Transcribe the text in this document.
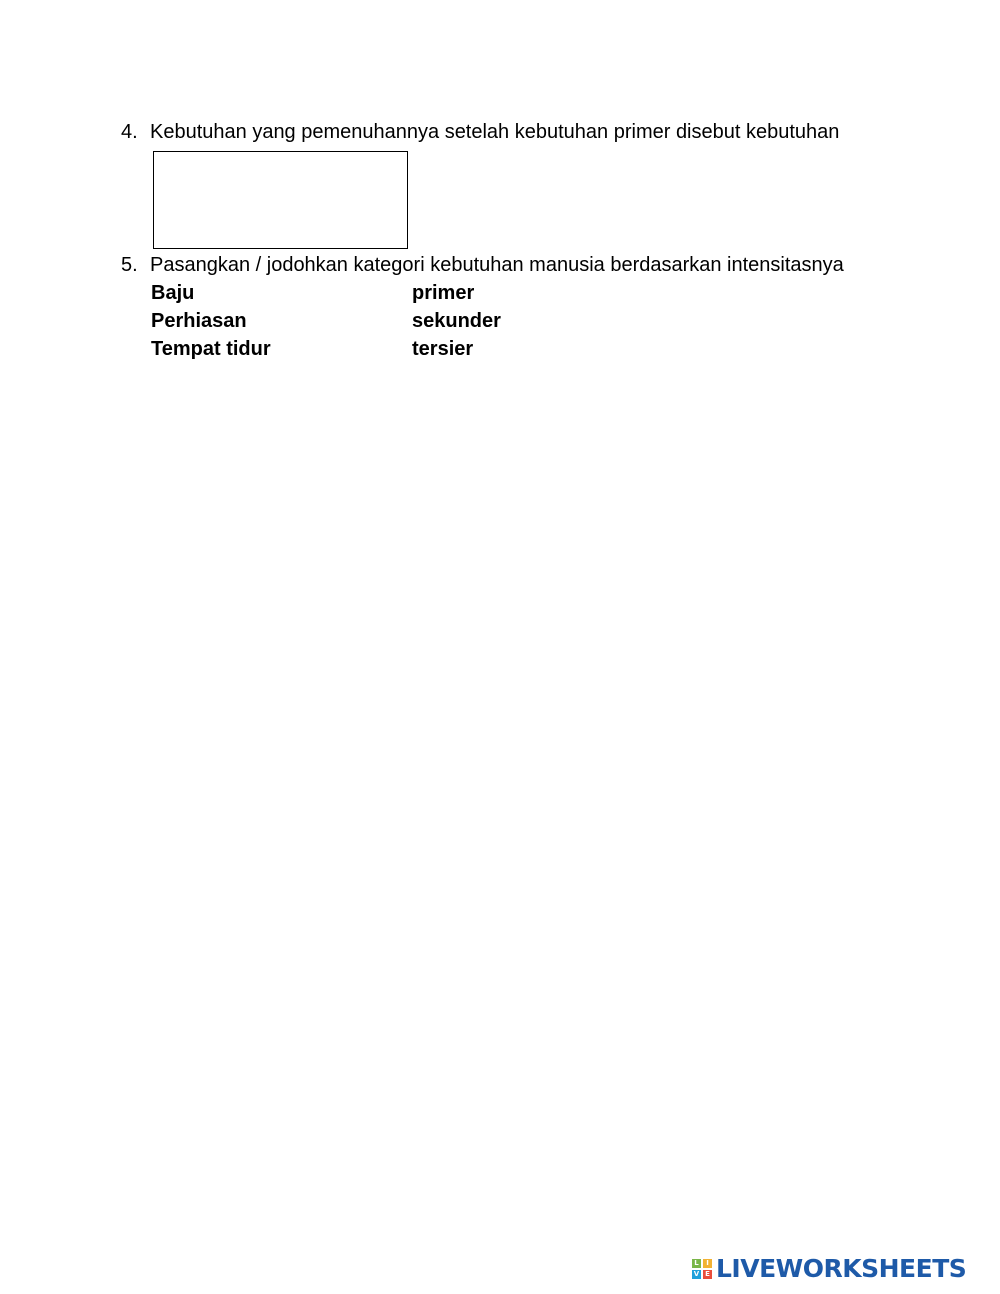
4. Kebutuhan yang pemenuhannya setelah kebutuhan primer disebut kebutuhan
5. Pasangkan / jodohkan kategori kebutuhan manusia berdasarkan intensitasnya
Baju
Perhiasan
Tempat tidur
primer
sekunder
tersier
L	I
V E LIVEWORKSHEETS
